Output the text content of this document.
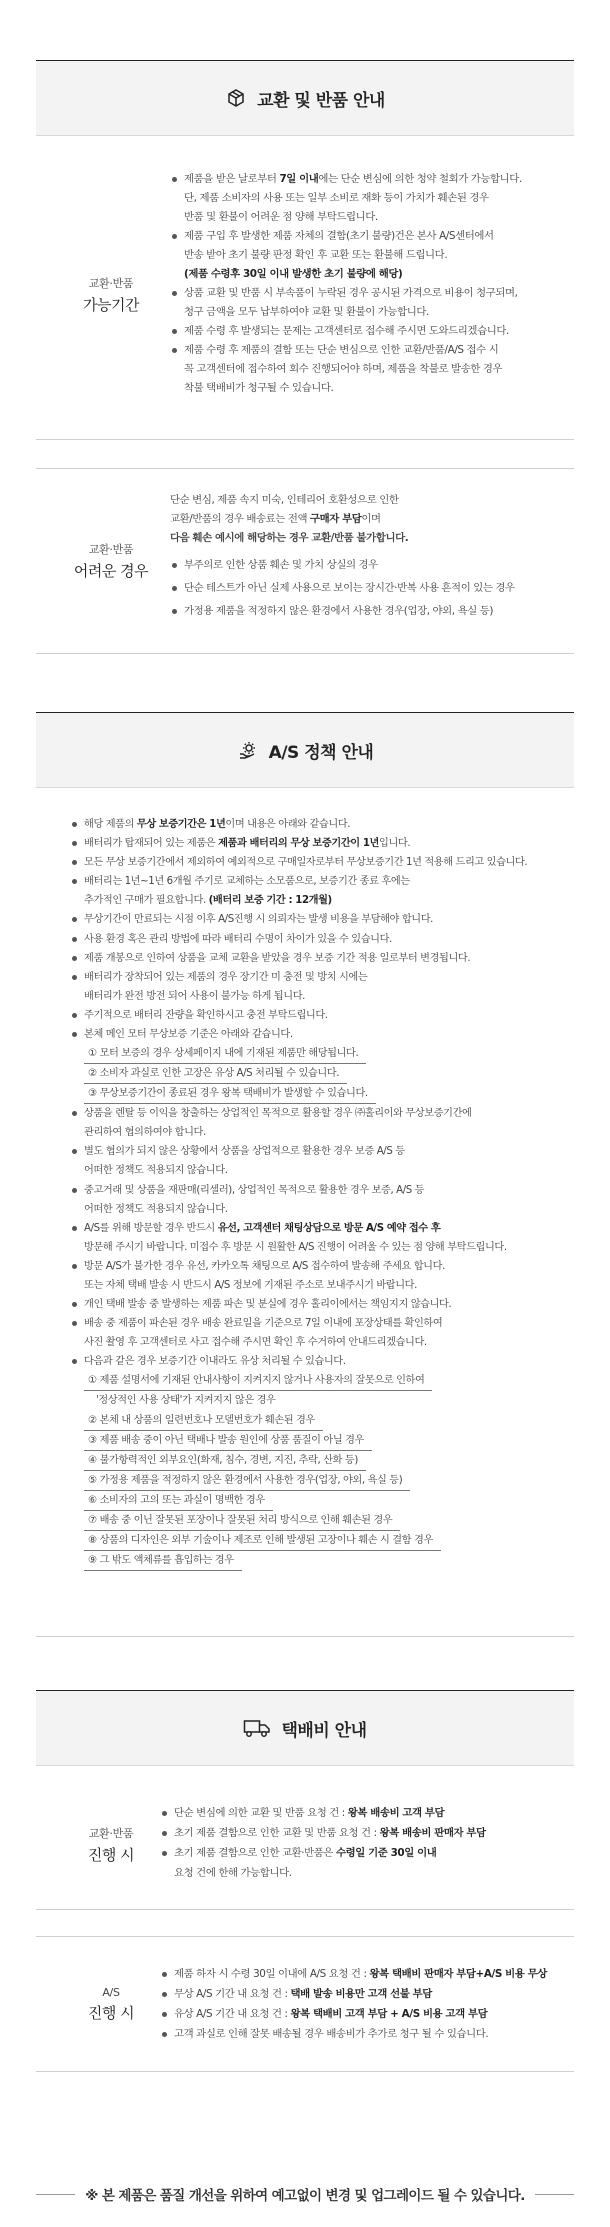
교환 및 반품 안내
교환·반품
가능기간
제품을 받은 날로부터 7일 이내에는 단순 변심에 의한 청약 철회가 가능합니다.
단, 제품 소비자의 사용 또는 일부 소비로 재화 등이 가치가 훼손된 경우
반품 및 환불이 어려운 점 양해 부탁드립니다.
제품 구입 후 발생한 제품 자체의 결함(초기 불량)건은 본사 A/S센터에서
반송 받아 초기 불량 판정 확인 후 교환 또는 환불해 드립니다.
(제품 수령후 30일 이내 발생한 초기 불량에 해당)
상품 교환 및 반품 시 부속품이 누락된 경우 공시된 가격으로 비용이 청구되며,
청구 금액을 모두 납부하여야 교환 및 환불이 가능합니다.
제품 수령 후 발생되는 문제는 고객센터로 접수해 주시면 도와드리겠습니다.
제품 수령 후 제품의 결함 또는 단순 변심으로 인한 교환/반품/A/S 접수 시
꼭 고객센터에 접수하여 회수 진행되어야 하며, 제품을 착불로 발송한 경우
착불 택배비가 청구될 수 있습니다.
교환·반품
어려운 경우
단순 변심, 제품 속지 미숙, 인테리어 호환성으로 인한
교환/반품의 경우 배송료는 전액 구매자 부담이며
다음 훼손 예시에 해당하는 경우 교환/반품 불가합니다.
부주의로 인한 상품 훼손 및 가치 상실의 경우
단순 테스트가 아닌 실제 사용으로 보이는 장시간·반복 사용 흔적이 있는 경우
가정용 제품을 적정하지 않은 환경에서 사용한 경우(업장, 야외, 욕실 등)
A/S 정책 안내
해당 제품의 무상 보증기간은 1년이며 내용은 아래와 같습니다.
배터리가 탑재되어 있는 제품은 제품과 배터리의 무상 보증기간이 1년입니다.
모든 무상 보증기간에서 제외하여 예외적으로 구매일자로부터 무상보증기간 1년 적용해 드리고 있습니다.
배터리는 1년~1년 6개월 주기로 교체하는 소모품으로, 보증기간 종료 후에는
추가적인 구매가 필요합니다. (배터리 보증 기간 : 12개월)
무상기간이 만료되는 시점 이후 A/S진행 시 의뢰자는 발생 비용을 부담해야 합니다.
사용 환경 혹은 관리 방법에 따라 배터리 수명이 차이가 있을 수 있습니다.
제품 개봉으로 인하여 상품을 교체 교환을 받았을 경우 보증 기간 적용 일로부터 변경됩니다.
배터리가 장착되어 있는 제품의 경우 장기간 미 충전 및 방치 시에는
배터리가 완전 방전 되어 사용이 불가능 하게 됩니다.
주기적으로 배터리 잔량을 확인하시고 충전 부탁드립니다.
본체 메인 모터 무상보증 기준은 아래와 같습니다.
① 모터 보증의 경우 상세페이지 내에 기재된 제품만 해당됩니다.
② 소비자 과실로 인한 고장은 유상 A/S 처리될 수 있습니다.
③ 무상보증기간이 종료된 경우 왕복 택배비가 발생할 수 있습니다.
상품을 렌탈 등 이익을 창출하는 상업적인 목적으로 활용할 경우 ㈜홀리이와 무상보증기간에
관리하여 협의하여야 합니다.
별도 협의가 되지 않은 상황에서 상품을 상업적으로 활용한 경우 보증 A/S 등
어떠한 정책도 적용되지 않습니다.
중고거래 및 상품을 재판매(리셀러), 상업적인 목적으로 활용한 경우 보증, A/S 등
어떠한 정책도 적용되지 않습니다.
A/S를 위해 방문할 경우 반드시 유선, 고객센터 채팅상담으로 방문 A/S 예약 접수 후
방문해 주시기 바랍니다. 미접수 후 방문 시 원활한 A/S 진행이 어려울 수 있는 점 양해 부탁드립니다.
방문 A/S가 불가한 경우 유선, 카카오톡 채팅으로 A/S 접수하여 발송해 주세요 합니다.
또는 자체 택배 발송 시 반드시 A/S 정보에 기재된 주소로 보내주시기 바랍니다.
개인 택배 발송 중 발생하는 제품 파손 및 분실에 경우 홀리이에서는 책임지지 않습니다.
배송 중 제품이 파손된 경우 배송 완료일을 기준으로 7일 이내에 포장상태를 확인하여
사진 촬영 후 고객센터로 사고 접수해 주시면 확인 후 수거하여 안내드리겠습니다.
다음과 같은 경우 보증기간 이내라도 유상 처리될 수 있습니다.
① 제품 설명서에 기재된 안내사항이 지켜지지 않거나 사용자의 잘못으로 인하여
'정상적인 사용 상태'가 지켜지지 않은 경우
② 본체 내 상품의 일련번호나 모델번호가 훼손된 경우
③ 제품 배송 중이 아닌 택배나 발송 원인에 상품 품질이 아닐 경우
④ 불가항력적인 외부요인(화재, 침수, 경변, 지진, 추락, 산화 등)
⑤ 가정용 제품을 적정하지 않은 환경에서 사용한 경우(업장, 야외, 욕실 등)
⑥ 소비자의 고의 또는 과실이 명백한 경우
⑦ 배송 중 이닌 잘못된 포장이나 잘못된 처리 방식으로 인해 훼손된 경우
⑧ 상품의 디자인은 외부 기술이나 제조로 인해 발생된 고장이나 훼손 시 결함 경우
⑨ 그 밖도 액체류를 흡입하는 경우
택배비 안내
교환·반품
진행 시
단순 변심에 의한 교환 및 반품 요청 건 : 왕복 배송비 고객 부담
초기 제품 결함으로 인한 교환 및 반품 요청 건 : 왕복 배송비 판매자 부담
초기 제품 결함으로 인한 교환·반품은 수령일 기준 30일 이내
요청 건에 한해 가능합니다.
A/S
진행 시
제품 하자 시 수령 30일 이내에 A/S 요청 건 : 왕복 택배비 판매자 부담+A/S 비용 무상
무상 A/S 기간 내 요청 건 : 택배 발송 비용만 고객 선불 부담
유상 A/S 기간 내 요청 건 : 왕복 택배비 고객 부담 + A/S 비용 고객 부담
고객 과실로 인해 잘못 배송될 경우 배송비가 추가로 청구 될 수 있습니다.
※ 본 제품은 품질 개선을 위하여 예고없이 변경 및 업그레이드 될 수 있습니다.
